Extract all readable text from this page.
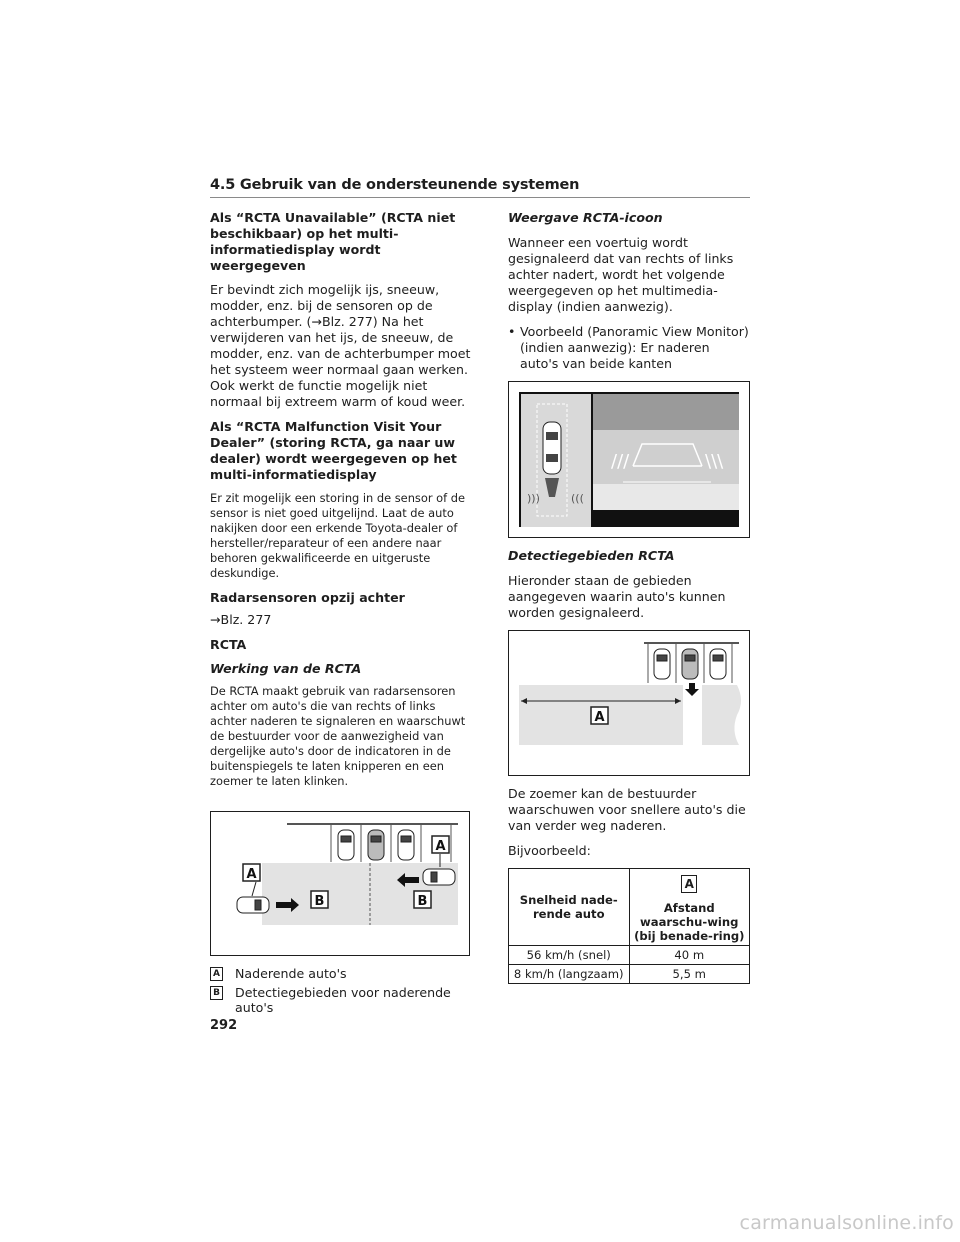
4.5 Gebruik van de ondersteunende systemen

Als “RCTA Unavailable” (RCTA niet beschikbaar) op het multi-informatiedisplay wordt weergegeven

Er bevindt zich mogelijk ijs, sneeuw, modder, enz. bij de sensoren op de achterbumper. (→Blz. 277) Na het verwijderen van het ijs, de sneeuw, de modder, enz. van de achterbumper moet het systeem weer normaal gaan werken. Ook werkt de functie mogelijk niet normaal bij extreem warm of koud weer.

Als “RCTA Malfunction Visit Your Dealer” (storing RCTA, ga naar uw dealer) wordt weergegeven op het multi-informatiedisplay

Er zit mogelijk een storing in de sensor of de sensor is niet goed uitgelijnd. Laat de auto nakijken door een erkende Toyota-dealer of hersteller/reparateur of een andere naar behoren gekwalificeerde en uitgeruste deskundige.

Radarsensoren opzij achter

→Blz. 277

RCTA

Werking van de RCTA

De RCTA maakt gebruik van radarsensoren achter om auto's die van rechts of links achter naderen te signaleren en waarschuwt de bestuurder voor de aanwezigheid van dergelijke auto's door de indicatoren in de buitenspiegels te laten knipperen en een zoemer te laten klinken.

A
A
B	B
A Naderende auto's
B Detectiegebieden voor naderende auto's

Weergave RCTA-icoon

Wanneer een voertuig wordt gesignaleerd dat van rechts of links achter nadert, wordt het volgende weergegeven op het multimedia-display (indien aanwezig).

• Voorbeeld (Panoramic View Monitor) (indien aanwezig): Er naderen auto's van beide kanten

)))	(((
///	\\\

Detectiegebieden RCTA

Hieronder staan de gebieden aangegeven waarin auto's kunnen worden gesignaleerd.

A

De zoemer kan de bestuurder waarschuwen voor snellere auto's die van verder weg naderen.

Bijvoorbeeld:

Snelheid nade-rende auto	A
Afstand waarschu-wing (bij benade-ring)
56 km/h (snel)	40 m
8 km/h (langzaam)	5,5 m
292
carmanualsonline.info
